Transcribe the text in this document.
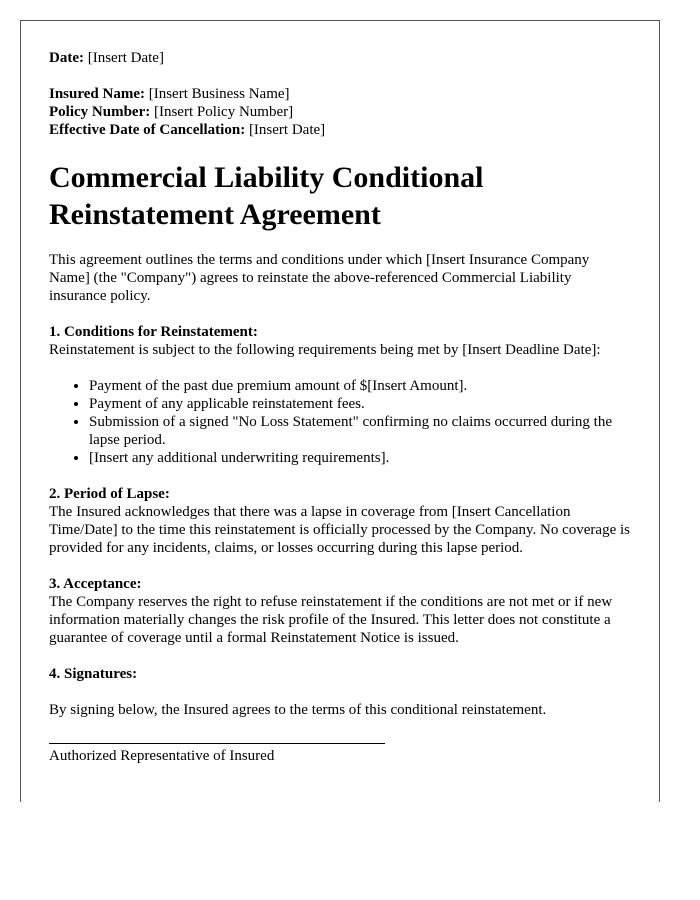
Date: [Insert Date]

Insured Name: [Insert Business Name]

Policy Number: [Insert Policy Number]

Effective Date of Cancellation: [Insert Date]

Commercial Liability Conditional Reinstatement Agreement

This agreement outlines the terms and conditions under which [Insert Insurance Company Name] (the "Company") agrees to reinstate the above-referenced Commercial Liability insurance policy.

1. Conditions for Reinstatement:

Reinstatement is subject to the following requirements being met by [Insert Deadline Date]:

• Payment of the past due premium amount of $[Insert Amount].
• Payment of any applicable reinstatement fees.
• Submission of a signed "No Loss Statement" confirming no claims occurred during the lapse period.
• [Insert any additional underwriting requirements].

2. Period of Lapse:

The Insured acknowledges that there was a lapse in coverage from [Insert Cancellation Time/Date] to the time this reinstatement is officially processed by the Company. No coverage is provided for any incidents, claims, or losses occurring during this lapse period.

3. Acceptance:

The Company reserves the right to refuse reinstatement if the conditions are not met or if new information materially changes the risk profile of the Insured. This letter does not constitute a guarantee of coverage until a formal Reinstatement Notice is issued.

4. Signatures:

By signing below, the Insured agrees to the terms of this conditional reinstatement.

Authorized Representative of Insured
